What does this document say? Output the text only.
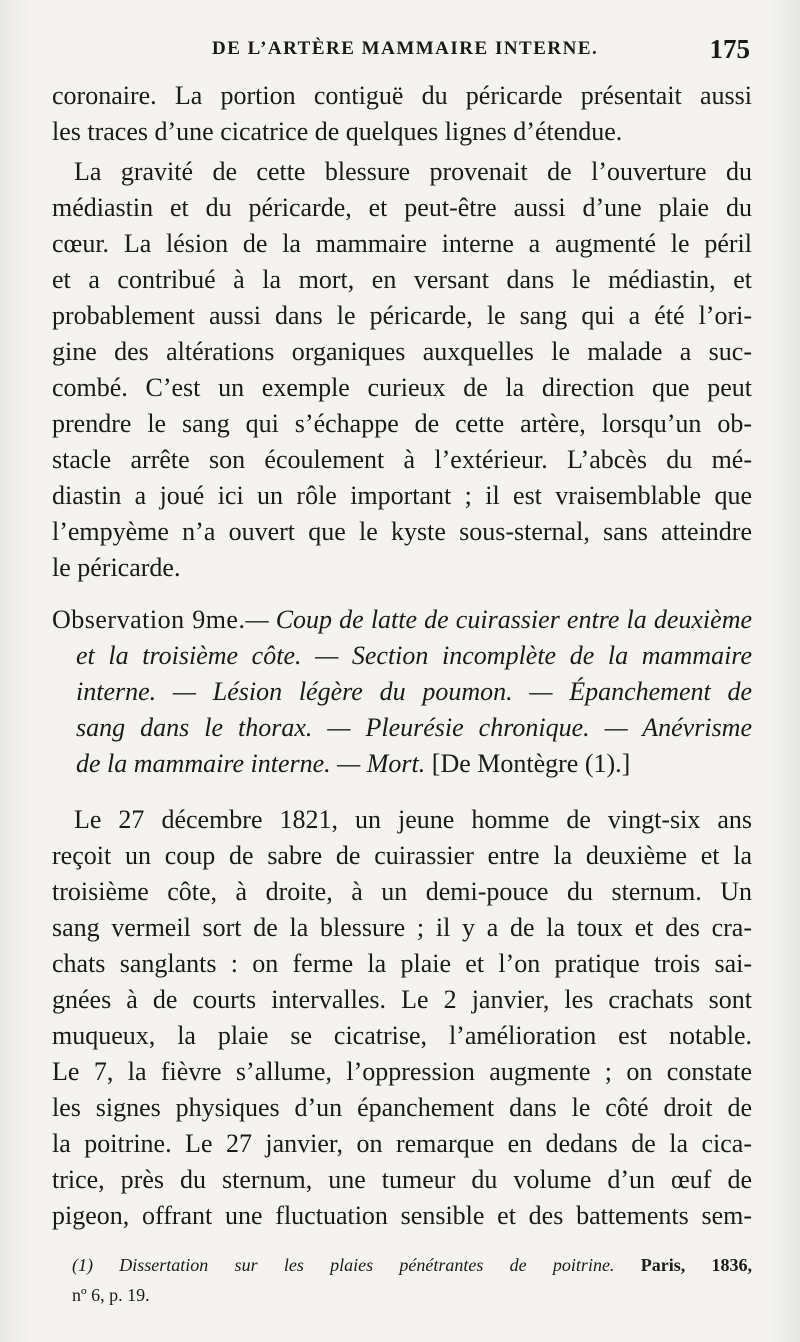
DE L’ARTÈRE MAMMAIRE INTERNE.	175
coronaire. La portion contiguë du péricarde présentait aussi
les traces d’une cicatrice de quelques lignes d’étendue.
La gravité de cette blessure provenait de l’ouverture du
médiastin et du péricarde, et peut-être aussi d’une plaie du
cœur. La lésion de la mammaire interne a augmenté le péril
et a contribué à la mort, en versant dans le médiastin, et
probablement aussi dans le péricarde, le sang qui a été l’ori-
gine des altérations organiques auxquelles le malade a suc-
combé. C’est un exemple curieux de la direction que peut
prendre le sang qui s’échappe de cette artère, lorsqu’un ob-
stacle arrête son écoulement à l’extérieur. L’abcès du mé-
diastin a joué ici un rôle important ; il est vraisemblable que
l’empyème n’a ouvert que le kyste sous-sternal, sans atteindre
le péricarde.
Observation 9me.— Coup de latte de cuirassier entre la deuxième
et la troisième côte. — Section incomplète de la mammaire
interne. — Lésion légère du poumon. — Épanchement de
sang dans le thorax. — Pleurésie chronique. — Anévrisme
de la mammaire interne. — Mort. [De Montègre (1).]
Le 27 décembre 1821, un jeune homme de vingt-six ans
reçoit un coup de sabre de cuirassier entre la deuxième et la
troisième côte, à droite, à un demi-pouce du sternum. Un
sang vermeil sort de la blessure ; il y a de la toux et des cra-
chats sanglants : on ferme la plaie et l’on pratique trois sai-
gnées à de courts intervalles. Le 2 janvier, les crachats sont
muqueux, la plaie se cicatrise, l’amélioration est notable.
Le 7, la fièvre s’allume, l’oppression augmente ; on constate
les signes physiques d’un épanchement dans le côté droit de
la poitrine. Le 27 janvier, on remarque en dedans de la cica-
trice, près du sternum, une tumeur du volume d’un œuf de
pigeon, offrant une fluctuation sensible et des battements sem-
(1) Dissertation sur les plaies pénétrantes de poitrine. Paris, 1836,
nº 6, p. 19.
